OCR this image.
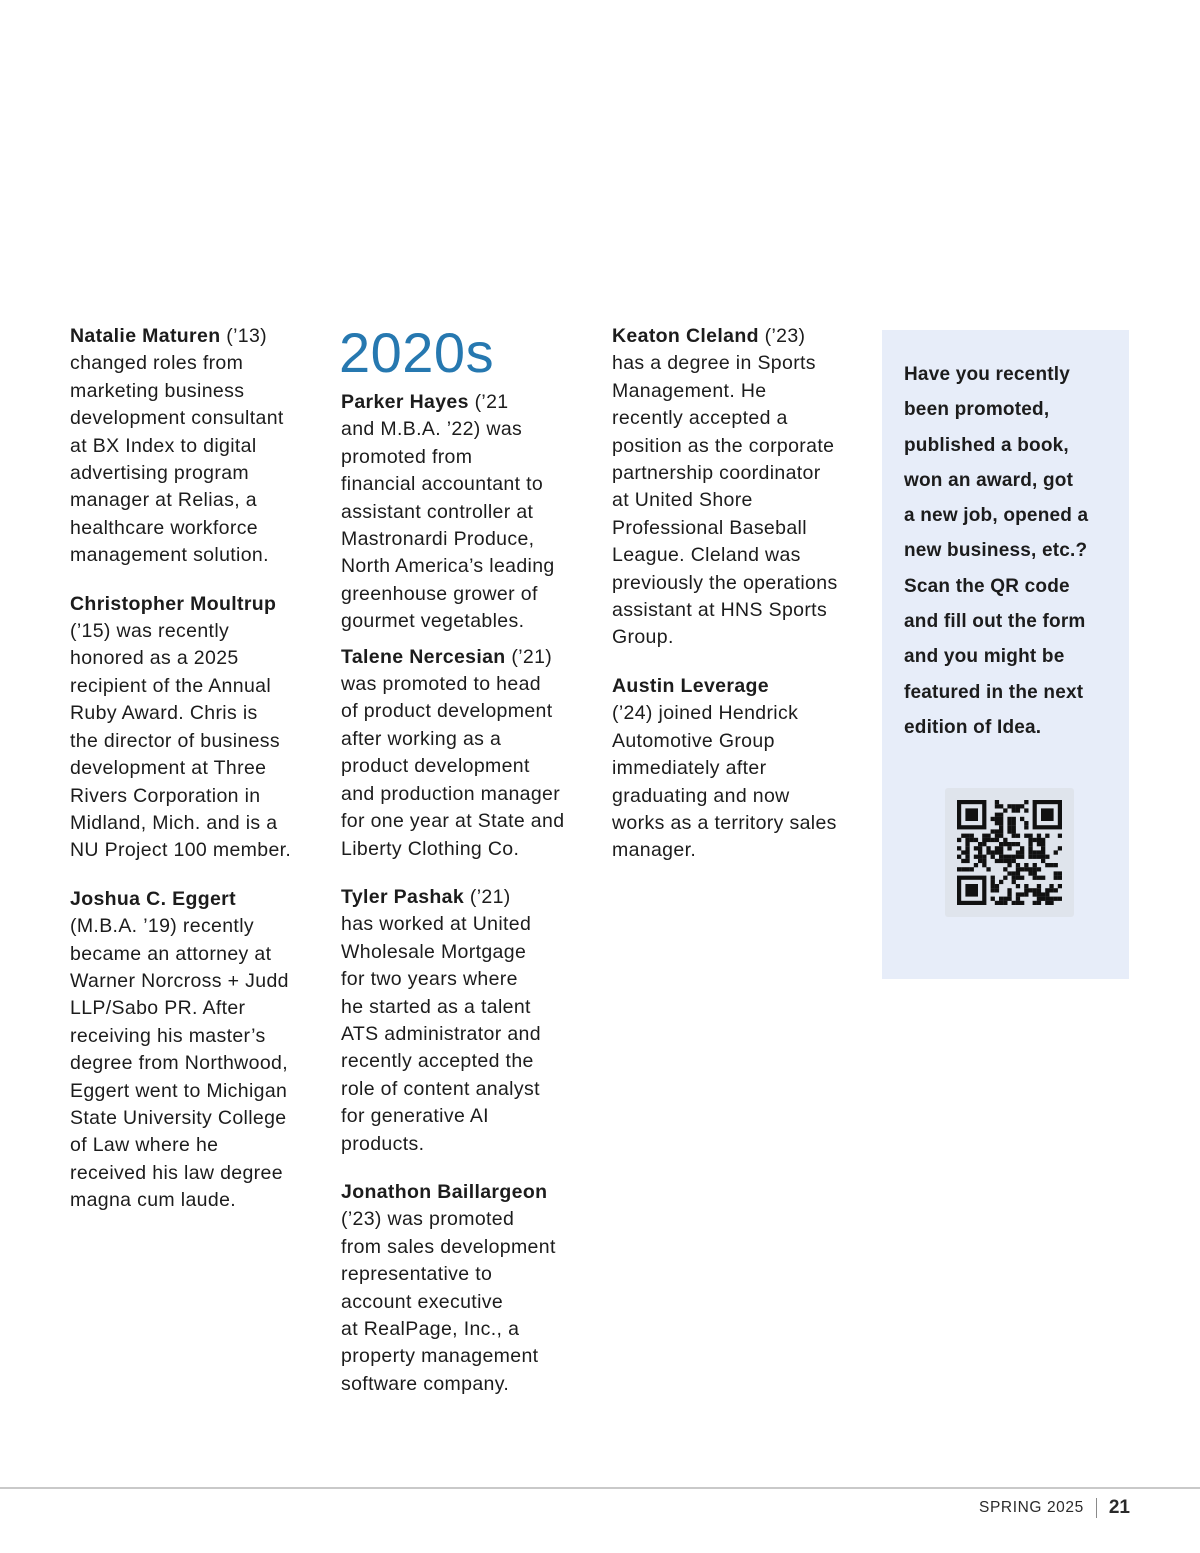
Natalie Maturen (’13)

changed roles from

marketing business

development consultant

at BX Index to digital

advertising program

manager at Relias, a

healthcare workforce

management solution.

Christopher Moultrup

(’15) was recently

honored as a 2025

recipient of the Annual

Ruby Award. Chris is

the director of business

development at Three

Rivers Corporation in

Midland, Mich. and is a

NU Project 100 member.

Joshua C. Eggert

(M.B.A. ’19) recently

became an attorney at

Warner Norcross + Judd

LLP/Sabo PR. After

receiving his master’s

degree from Northwood,

Eggert went to Michigan

State University College

of Law where he

received his law degree

magna cum laude.

2020s

Parker Hayes (’21

and M.B.A. ’22) was

promoted from

financial accountant to

assistant controller at

Mastronardi Produce,

North America’s leading

greenhouse grower of

gourmet vegetables.

Talene Nercesian (’21)

was promoted to head

of product development

after working as a

product development

and production manager

for one year at State and

Liberty Clothing Co.

Tyler Pashak (’21)

has worked at United

Wholesale Mortgage

for two years where

he started as a talent

ATS administrator and

recently accepted the

role of content analyst

for generative AI

products.

Jonathon Baillargeon

(’23) was promoted

from sales development

representative to

account executive

at RealPage, Inc., a

property management

software company.

Keaton Cleland (’23)

has a degree in Sports

Management. He

recently accepted a

position as the corporate

partnership coordinator

at United Shore

Professional Baseball

League. Cleland was

previously the operations

assistant at HNS Sports

Group.

Austin Leverage

(’24) joined Hendrick

Automotive Group

immediately after

graduating and now

works as a territory sales

manager.

Have you recently

been promoted,

published a book,

won an award, got

a new job, opened a

new business, etc.?

Scan the QR code

and fill out the form

and you might be

featured in the next

edition of Idea.

SPRING 2025 21
